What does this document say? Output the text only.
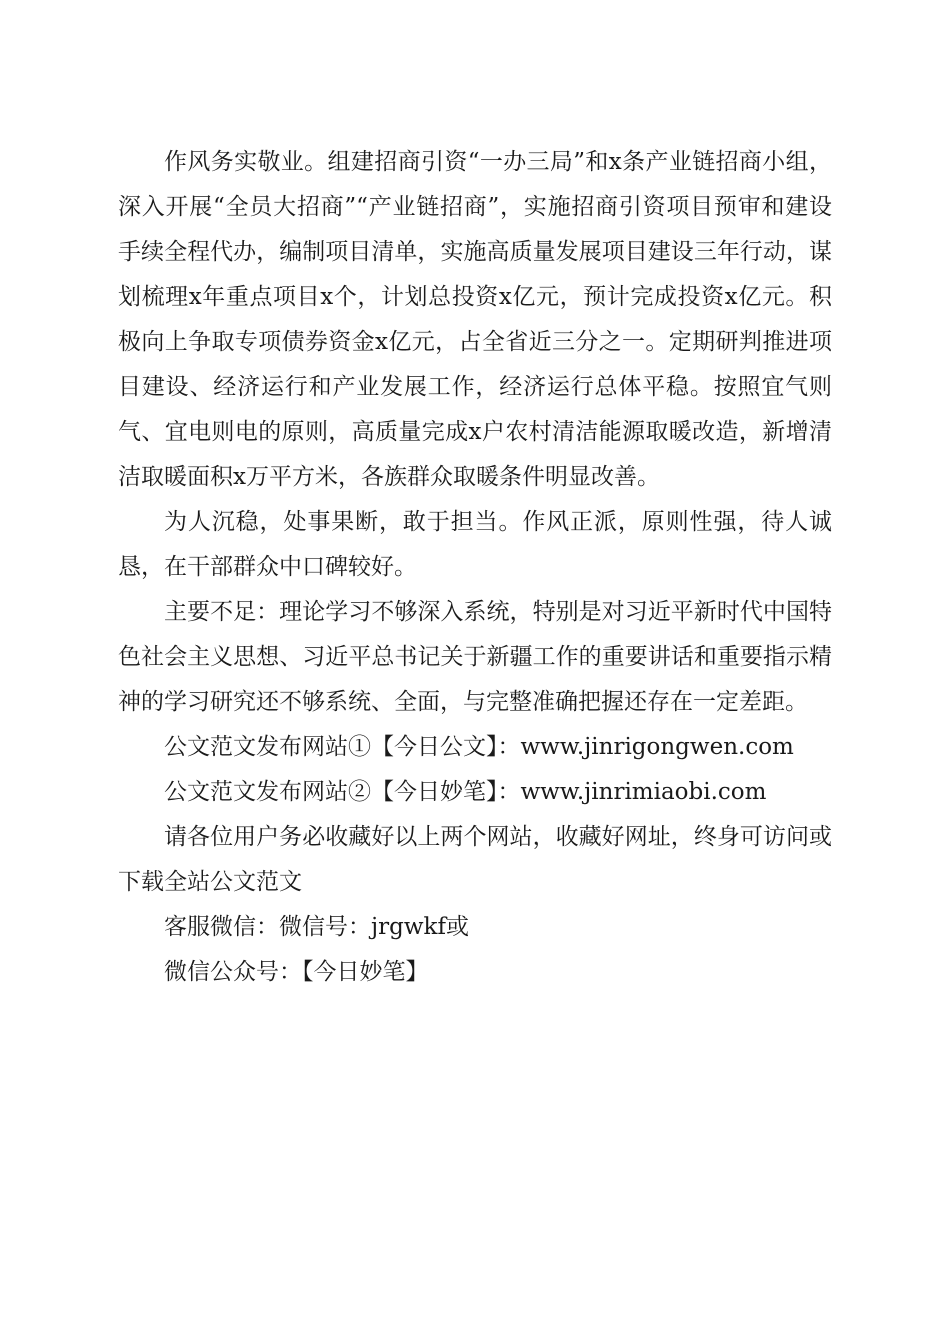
作风务实敬业。组建招商引资“一办三局”和x条产业链招商小组，深入开展“全员大招商”“产业链招商”，实施招商引资项目预审和建设手续全程代办，编制项目清单，实施高质量发展项目建设三年行动，谋划梳理x年重点项目x个，计划总投资x亿元，预计完成投资x亿元。积极向上争取专项债券资金x亿元，占全省近三分之一。定期研判推进项目建设、经济运行和产业发展工作，经济运行总体平稳。按照宜气则气、宜电则电的原则，高质量完成x户农村清洁能源取暖改造，新增清洁取暖面积x万平方米，各族群众取暖条件明显改善。

为人沉稳，处事果断，敢于担当。作风正派，原则性强，待人诚恳，在干部群众中口碑较好。

主要不足：理论学习不够深入系统，特别是对习近平新时代中国特色社会主义思想、习近平总书记关于新疆工作的重要讲话和重要指示精神的学习研究还不够系统、全面，与完整准确把握还存在一定差距。

公文范文发布网站①【今日公文】：www.jinrigongwen.com

公文范文发布网站②【今日妙笔】：www.jinrimiaobi.com

请各位用户务必收藏好以上两个网站，收藏好网址，终身可访问或下载全站公文范文

客服微信：微信号：jrgwkf或

微信公众号：【今日妙笔】
